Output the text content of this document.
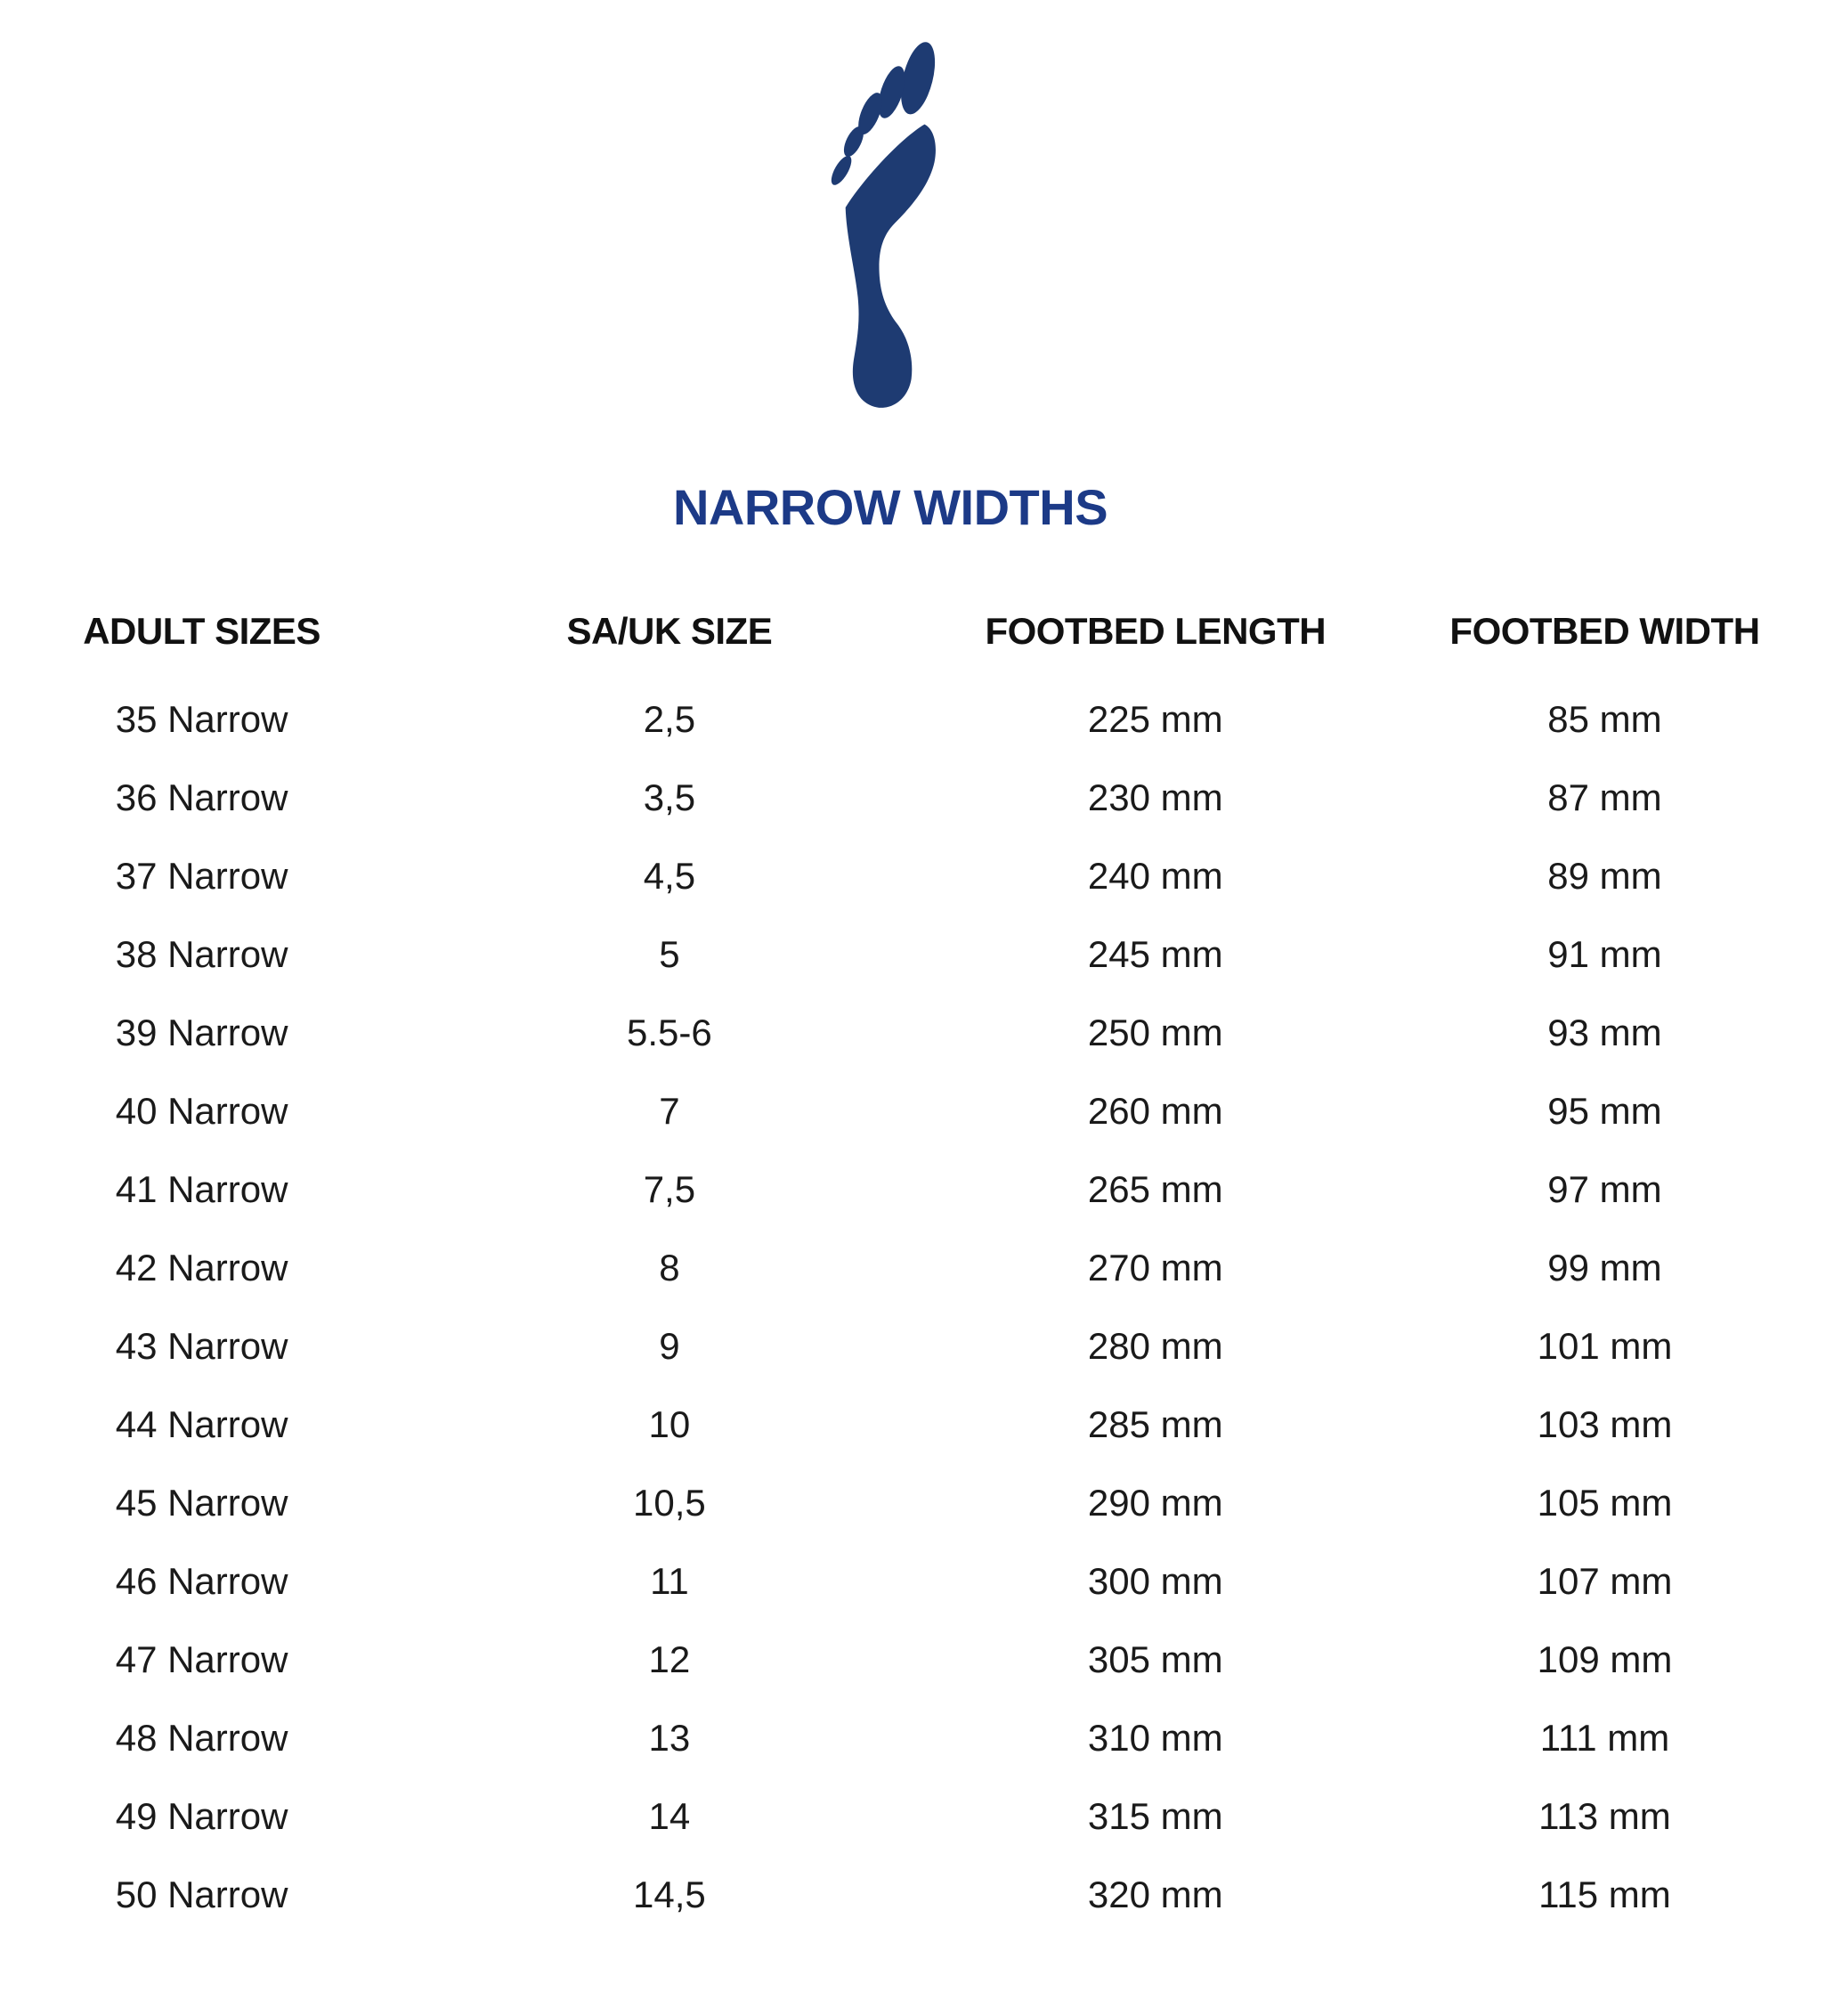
NARROW WIDTHS
ADULT SIZES	SA/UK SIZE	FOOTBED LENGTH	FOOTBED WIDTH
35 Narrow	2,5	225 mm	85 mm
36 Narrow	3,5	230 mm	87 mm
37 Narrow	4,5	240 mm	89 mm
38 Narrow	5	245 mm	91 mm
39 Narrow	5.5-6	250 mm	93 mm
40 Narrow	7	260 mm	95 mm
41 Narrow	7,5	265 mm	97 mm
42 Narrow	8	270 mm	99 mm
43 Narrow	9	280 mm	101 mm
44 Narrow	10	285 mm	103 mm
45 Narrow	10,5	290 mm	105 mm
46 Narrow	11	300 mm	107 mm
47 Narrow	12	305 mm	109 mm
48 Narrow	13	310 mm	111 mm
49 Narrow	14	315 mm	113 mm
50 Narrow	14,5	320 mm	115 mm
